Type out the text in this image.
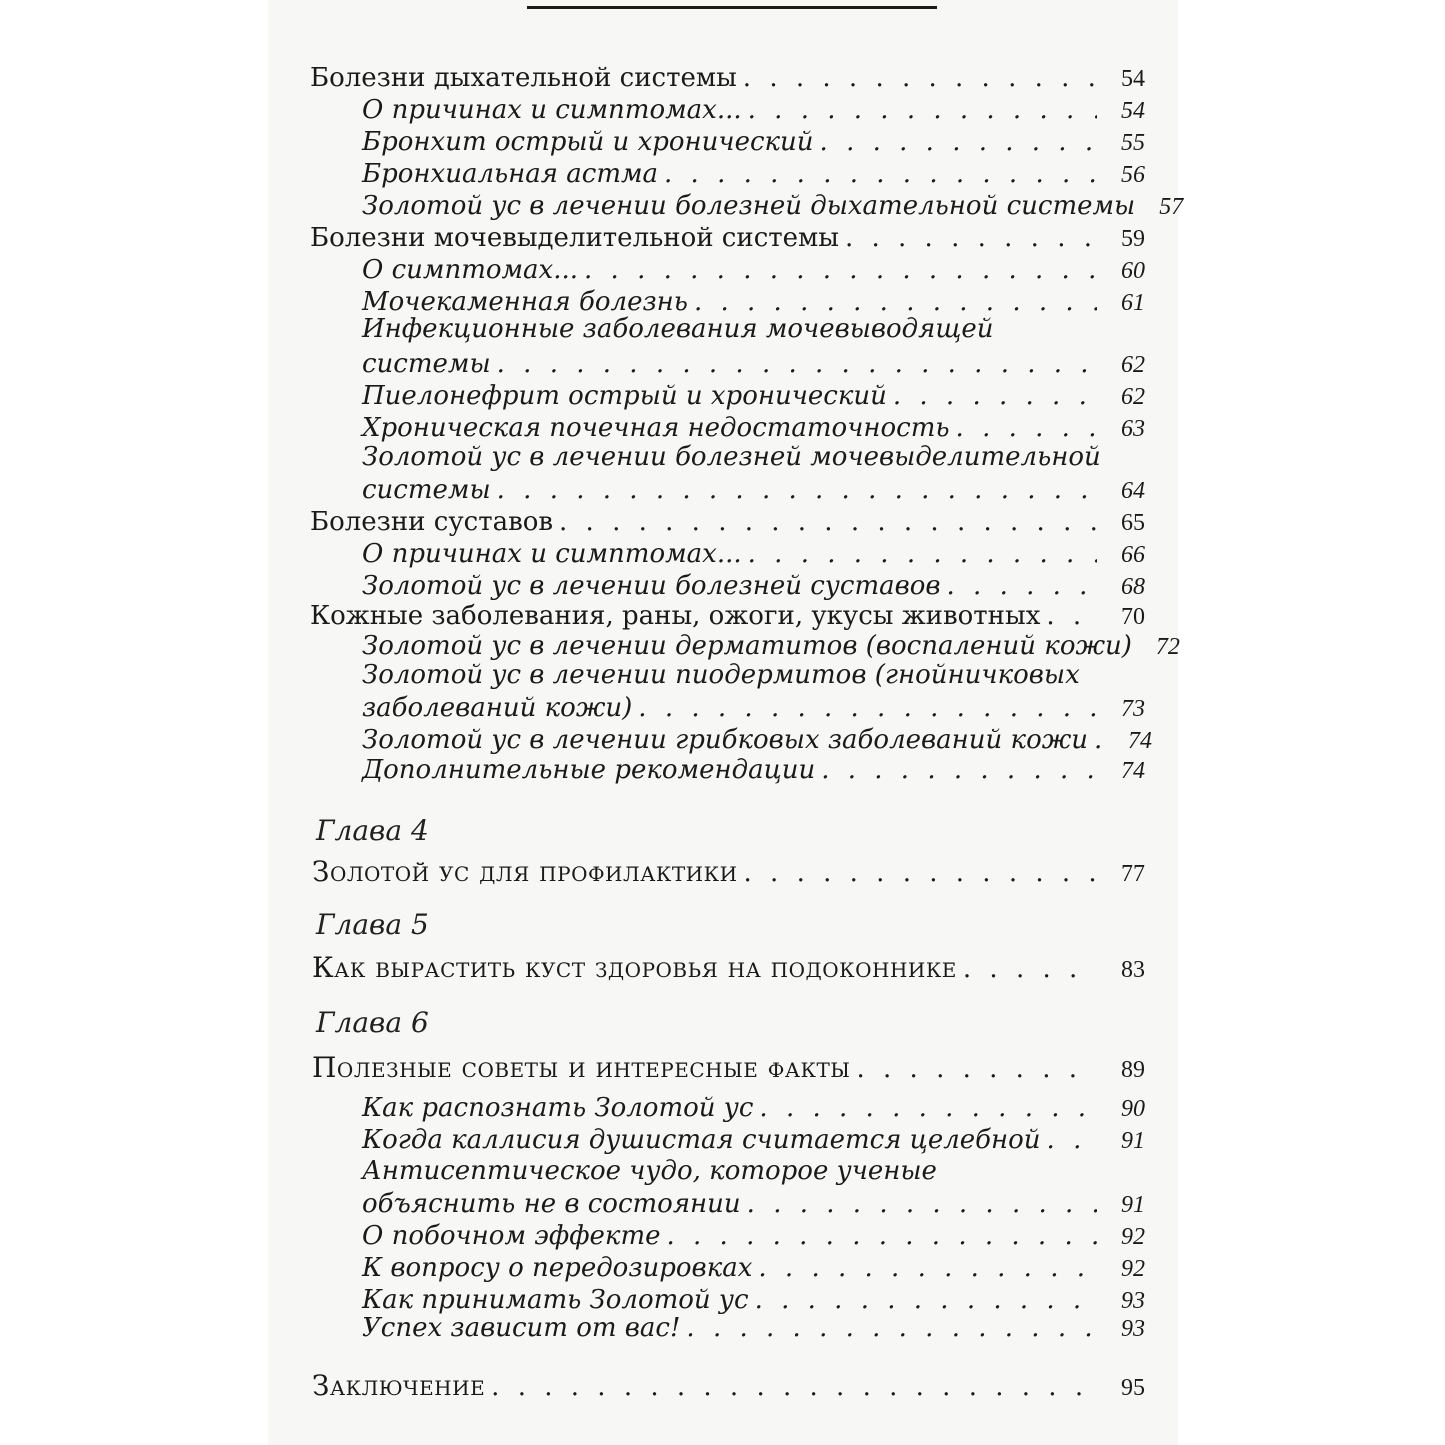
Болезни дыхательной системы . . .	54
О причинах и симптомах... . . .	54
Бронхит острый и хронический . . .	55
Бронхиальная астма . . .	56
Золотой ус в лечении болезней дыхательной системы	57
Болезни мочевыделительной системы . . .	59
О симптомах... . . .	60
Мочекаменная болезнь . . .	61
Инфекционные заболевания мочевыводящей
системы . . .	62
Пиелонефрит острый и хронический . . .	62
Хроническая почечная недостаточность . . .	63
Золотой ус в лечении болезней мочевыделительной
системы . . .	64
Болезни суставов . . .	65
О причинах и симптомах... . . .	66
Золотой ус в лечении болезней суставов . . .	68
Кожные заболевания, раны, ожоги, укусы животных . . .	70
Золотой ус в лечении дерматитов (воспалений кожи)	72
Золотой ус в лечении пиодермитов (гнойничковых
заболеваний кожи) . . .	73
Золотой ус в лечении грибковых заболеваний кожи . . .	74
Дополнительные рекомендации . . .	74
Глава 4
Золотой ус для профилактики . . .	77
Глава 5
Как вырастить куст здоровья на подоконнике . . .	83
Глава 6
Полезные советы и интересные факты . . .	89
Как распознать Золотой ус . . .	90
Когда каллисия душистая считается целебной . . .	91
Антисептическое чудо, которое ученые
объяснить не в состоянии . . .	91
О побочном эффекте . . .	92
К вопросу о передозировках . . .	92
Как принимать Золотой ус . . .	93
Успех зависит от вас! . . .	93
Заключение . . .	95
